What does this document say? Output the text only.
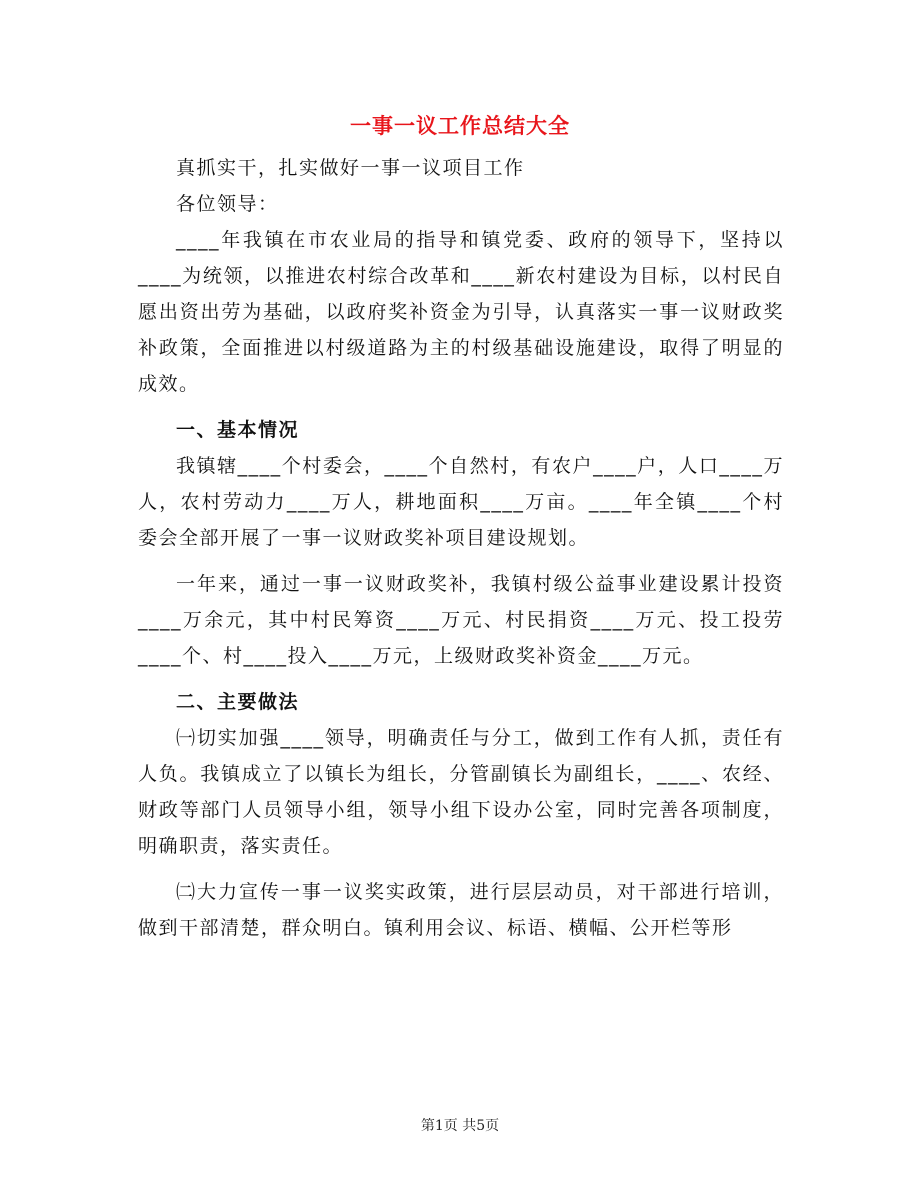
一事一议工作总结大全

真抓实干，扎实做好一事一议项目工作

各位领导：

____年我镇在市农业局的指导和镇党委、政府的领导下，坚持以____为统领，以推进农村综合改革和____新农村建设为目标，以村民自愿出资出劳为基础，以政府奖补资金为引导，认真落实一事一议财政奖补政策，全面推进以村级道路为主的村级基础设施建设，取得了明显的成效。

一、基本情况

我镇辖____个村委会，____个自然村，有农户____户，人口____万人，农村劳动力____万人，耕地面积____万亩。____年全镇____个村委会全部开展了一事一议财政奖补项目建设规划。

一年来，通过一事一议财政奖补，我镇村级公益事业建设累计投资____万余元，其中村民筹资____万元、村民捐资____万元、投工投劳____个、村____投入____万元，上级财政奖补资金____万元。

二、主要做法

㈠切实加强____领导，明确责任与分工，做到工作有人抓，责任有人负。我镇成立了以镇长为组长，分管副镇长为副组长，____、农经、财政等部门人员领导小组，领导小组下设办公室，同时完善各项制度，明确职责，落实责任。

㈡大力宣传一事一议奖实政策，进行层层动员，对干部进行培训，做到干部清楚，群众明白。镇利用会议、标语、横幅、公开栏等形

第1页 共5页
